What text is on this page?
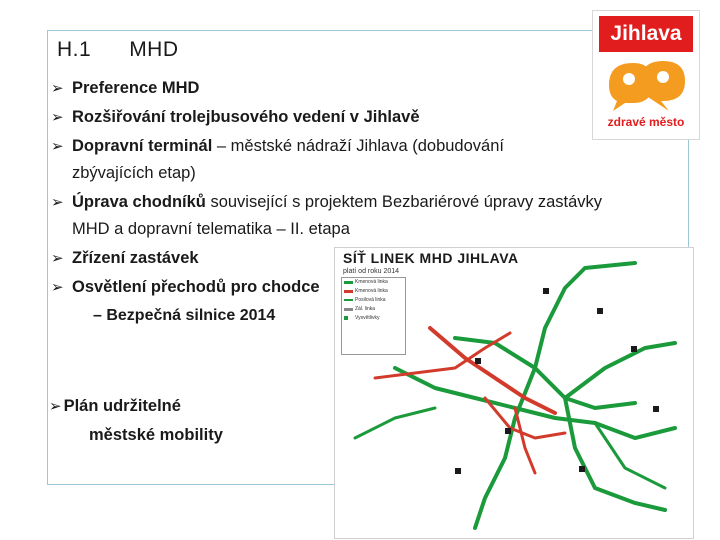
H.1 MHD
➢ Preference MHD
➢ Rozšiřování trolejbusového vedení v Jihlavě
➢ Dopravní terminál – městské nádraží Jihlava (dobudování
zbývajících etap)
➢ Úprava chodníků související s projektem Bezbariérové úpravy zastávky
MHD a dopravní telematika – II. etapa
➢ Zřízení zastávek
➢ Osvětlení přechodů pro chodce
– Bezpečná silnice 2014
➢ Plán udržitelné
městské mobility
Jihlava
zdravé město
SÍŤ LINEK MHD JIHLAVA
platí od roku 2014
Kmenová linka
Kmenová linka
Posilová linka
Zál. linka
Vysvětlivky
